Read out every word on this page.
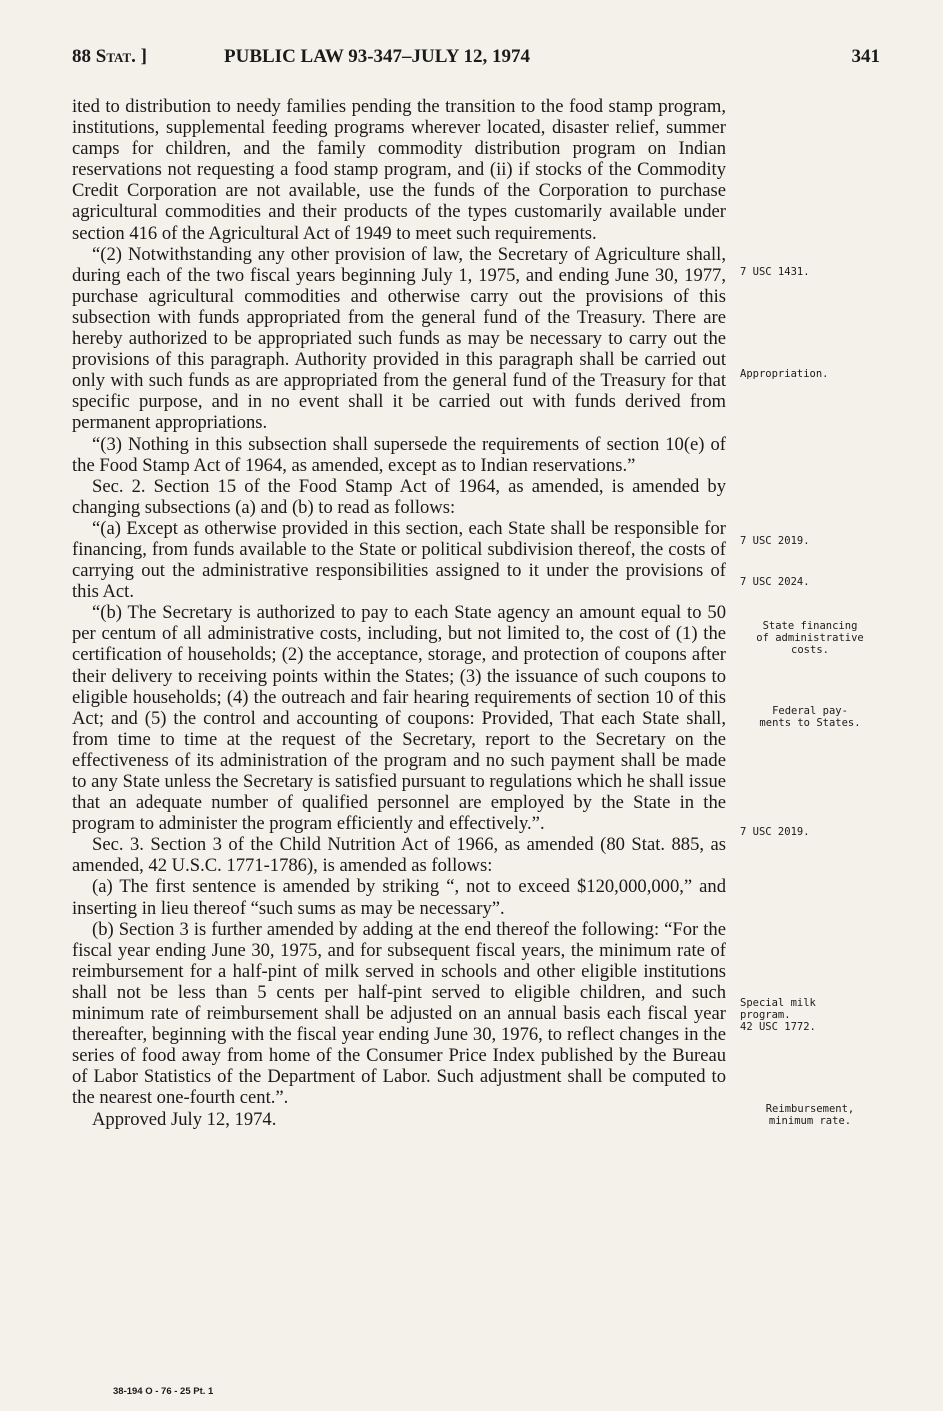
88 Stat. ]	PUBLIC LAW 93-347–JULY 12, 1974	341

ited to distribution to needy families pending the transition to the food stamp program, institutions, supplemental feeding programs wherever located, disaster relief, summer camps for children, and the family commodity distribution program on Indian reservations not requesting a food stamp program, and (ii) if stocks of the Commodity Credit Corporation are not available, use the funds of the Corporation to purchase agricultural commodities and their products of the types customarily available under section 416 of the Agricultural Act of 1949 to meet such requirements.

“(2) Notwithstanding any other provision of law, the Secretary of Agriculture shall, during each of the two fiscal years beginning July 1, 1975, and ending June 30, 1977, purchase agricultural commodities and otherwise carry out the provisions of this subsection with funds appropriated from the general fund of the Treasury. There are hereby authorized to be appropriated such funds as may be necessary to carry out the provisions of this paragraph. Authority provided in this paragraph shall be carried out only with such funds as are appropriated from the general fund of the Treasury for that specific purpose, and in no event shall it be carried out with funds derived from permanent appropriations.

“(3) Nothing in this subsection shall supersede the requirements of section 10(e) of the Food Stamp Act of 1964, as amended, except as to Indian reservations.”

Sec. 2. Section 15 of the Food Stamp Act of 1964, as amended, is amended by changing subsections (a) and (b) to read as follows:

“(a) Except as otherwise provided in this section, each State shall be responsible for financing, from funds available to the State or political subdivision thereof, the costs of carrying out the administrative responsibilities assigned to it under the provisions of this Act.

“(b) The Secretary is authorized to pay to each State agency an amount equal to 50 per centum of all administrative costs, including, but not limited to, the cost of (1) the certification of households; (2) the acceptance, storage, and protection of coupons after their delivery to receiving points within the States; (3) the issuance of such coupons to eligible households; (4) the outreach and fair hearing requirements of section 10 of this Act; and (5) the control and accounting of coupons: Provided, That each State shall, from time to time at the request of the Secretary, report to the Secretary on the effectiveness of its administration of the program and no such payment shall be made to any State unless the Secretary is satisfied pursuant to regulations which he shall issue that an adequate number of qualified personnel are employed by the State in the program to administer the program efficiently and effectively.”.

Sec. 3. Section 3 of the Child Nutrition Act of 1966, as amended (80 Stat. 885, as amended, 42 U.S.C. 1771-1786), is amended as follows:

(a) The first sentence is amended by striking “, not to exceed $120,000,000,” and inserting in lieu thereof “such sums as may be necessary”.

(b) Section 3 is further amended by adding at the end thereof the following: “For the fiscal year ending June 30, 1975, and for subsequent fiscal years, the minimum rate of reimbursement for a half-pint of milk served in schools and other eligible institutions shall not be less than 5 cents per half-pint served to eligible children, and such minimum rate of reimbursement shall be adjusted on an annual basis each fiscal year thereafter, beginning with the fiscal year ending June 30, 1976, to reflect changes in the series of food away from home of the Consumer Price Index published by the Bureau of Labor Statistics of the Department of Labor. Such adjustment shall be computed to the nearest one-fourth cent.”.

Approved July 12, 1974.

7 USC 1431.
Appropriation.
7 USC 2019.
7 USC 2024.
State financing
of administrative
costs.
Federal pay-
ments to States.
7 USC 2019.
Special milk
program.
42 USC 1772.
Reimbursement,
minimum rate.
38-194 O - 76 - 25 Pt. 1
